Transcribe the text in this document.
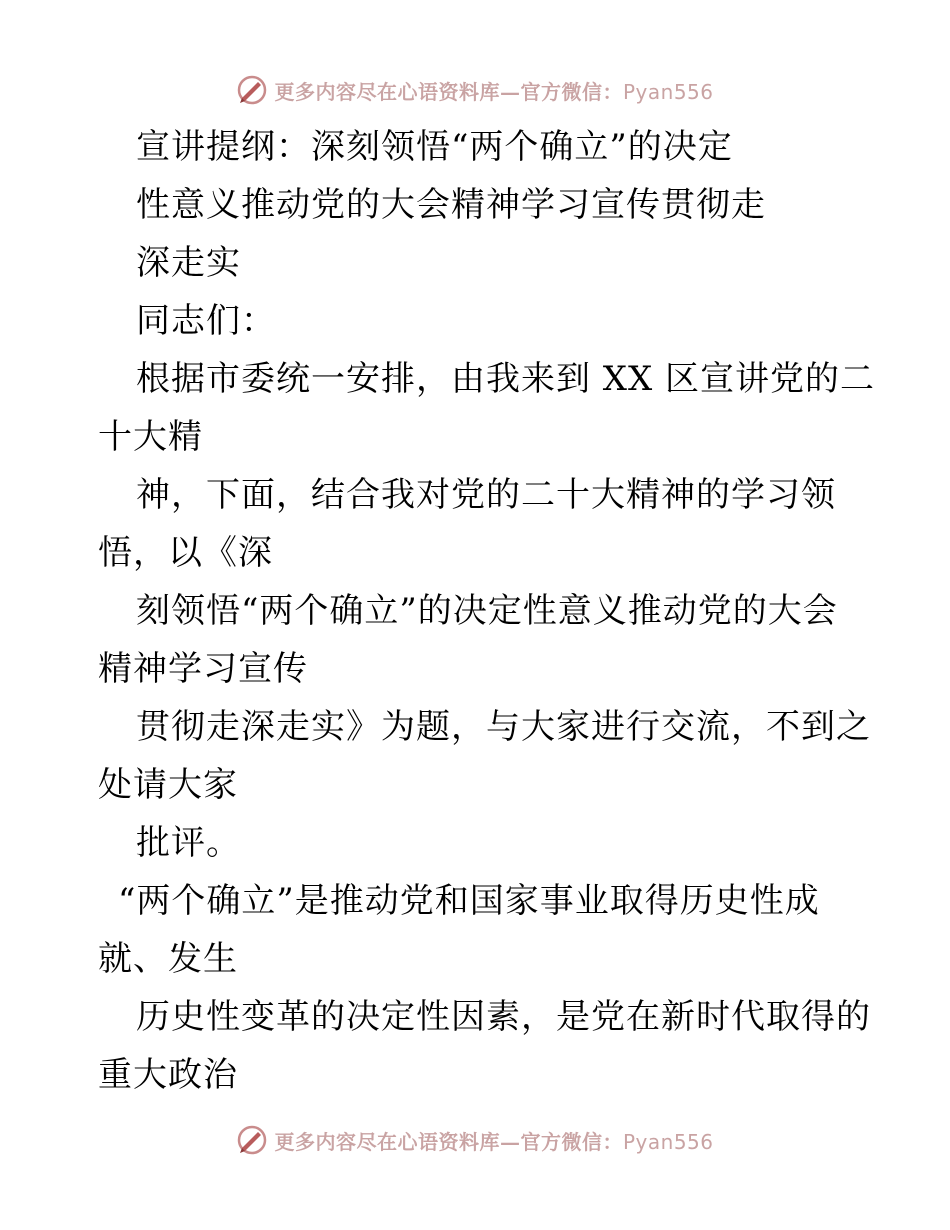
更多内容尽在心语资料库—官方微信：Pyan556
宣讲提纲：深刻领悟“两个确立”的决定
性意义推动党的大会精神学习宣传贯彻走
深走实
同志们：
根据市委统一安排，由我来到 XX 区宣讲党的二
十大精
神，下面，结合我对党的二十大精神的学习领
悟，以《深
刻领悟“两个确立”的决定性意义推动党的大会
精神学习宣传
贯彻走深走实》为题，与大家进行交流，不到之
处请大家
批评。
“两个确立”是推动党和国家事业取得历史性成
就、发生
历史性变革的决定性因素，是党在新时代取得的
重大政治
更多内容尽在心语资料库—官方微信：Pyan556
